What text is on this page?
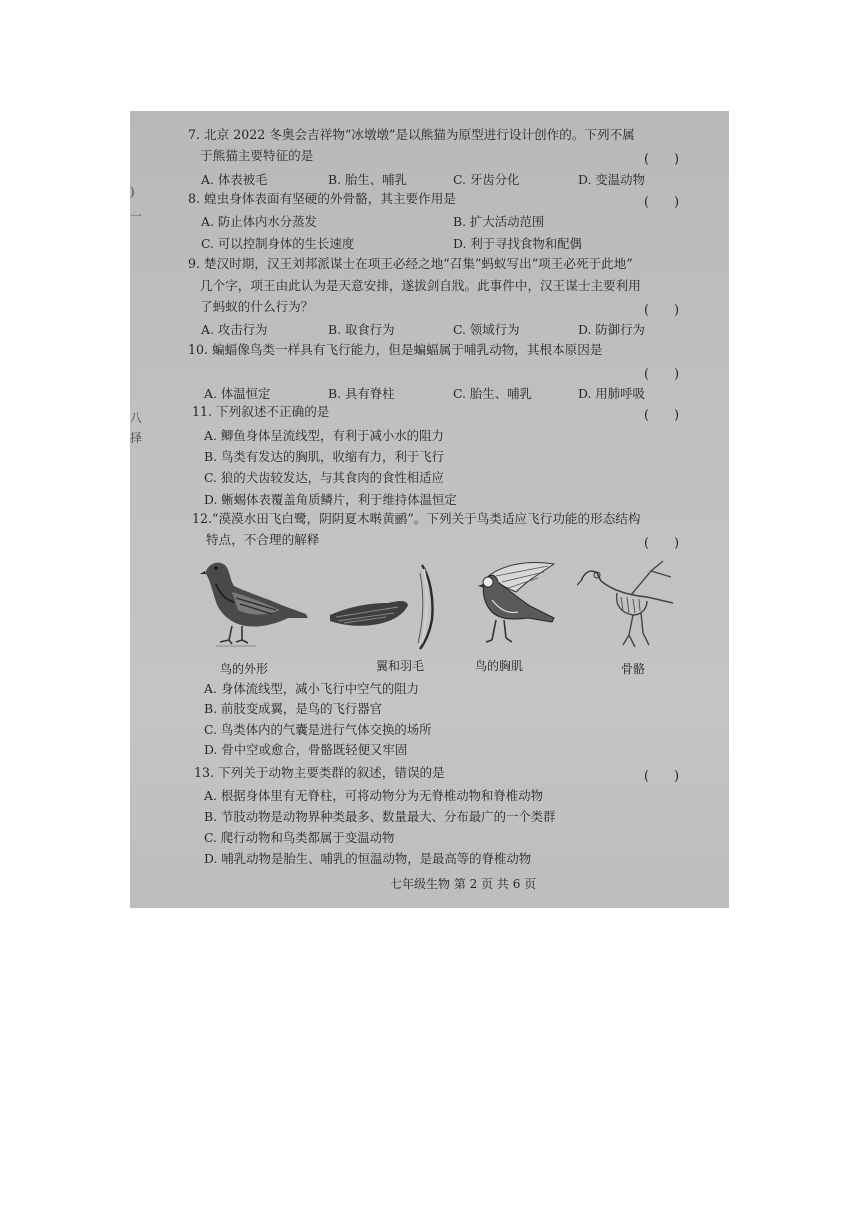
)
一
八
择
7. 北京 2022 冬奥会吉祥物“冰墩墩”是以熊猫为原型进行设计创作的。下列不属
于熊猫主要特征的是	(　　)
A. 体表被毛	B. 胎生、哺乳	C. 牙齿分化	D. 变温动物
8. 蝗虫身体表面有坚硬的外骨骼，其主要作用是	(　　)
A. 防止体内水分蒸发	B. 扩大活动范围
C. 可以控制身体的生长速度	D. 利于寻找食物和配偶
9. 楚汉时期，汉王刘邦派谋士在项王必经之地“召集”蚂蚁写出“项王必死于此地”
几个字，项王由此认为是天意安排，遂拔剑自戕。此事件中，汉王谋士主要利用
了蚂蚁的什么行为？	(　　)
A. 攻击行为	B. 取食行为	C. 领域行为	D. 防御行为
10. 蝙蝠像鸟类一样具有飞行能力，但是蝙蝠属于哺乳动物，其根本原因是
(　　)
A. 体温恒定	B. 具有脊柱	C. 胎生、哺乳	D. 用肺呼吸
11. 下列叙述不正确的是	(　　)
A. 鲫鱼身体呈流线型，有利于减小水的阻力
B. 鸟类有发达的胸肌，收缩有力，利于飞行
C. 狼的犬齿较发达，与其食肉的食性相适应
D. 蜥蜴体表覆盖角质鳞片，利于维持体温恒定
12.“漠漠水田飞白鹭，阴阴夏木啭黄鹂”。下列关于鸟类适应飞行功能的形态结构
特点，不合理的解释	(　　)
鸟的外形	翼和羽毛	鸟的胸肌	骨骼
A. 身体流线型，减小飞行中空气的阻力
B. 前肢变成翼，是鸟的飞行器官
C. 鸟类体内的气囊是进行气体交换的场所
D. 骨中空或愈合，骨骼既轻便又牢固
13. 下列关于动物主要类群的叙述，错误的是	(　　)
A. 根据身体里有无脊柱，可将动物分为无脊椎动物和脊椎动物
B. 节肢动物是动物界种类最多、数量最大、分布最广的一个类群
C. 爬行动物和鸟类都属于变温动物
D. 哺乳动物是胎生、哺乳的恒温动物，是最高等的脊椎动物
七年级生物 第 2 页 共 6 页
